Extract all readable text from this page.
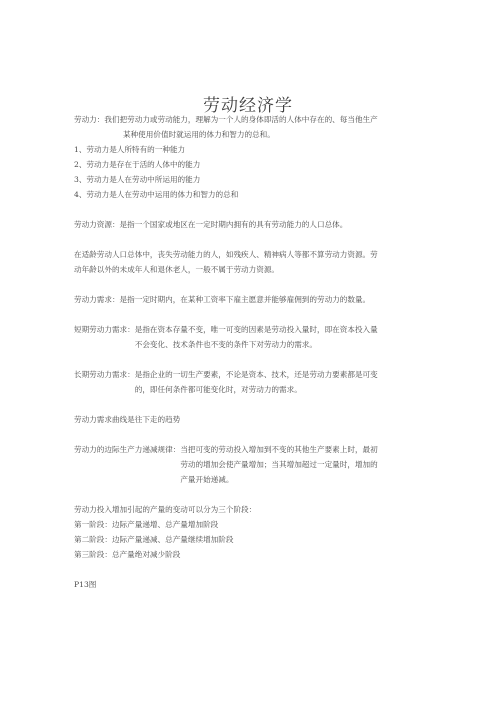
劳动经济学
劳动力：我们把劳动力或劳动能力，理解为一个人的身体即活的人体中存在的、每当他生产
某种使用价值时就运用的体力和智力的总和。
1、劳动力是人所特有的一种能力
2、劳动力是存在于活的人体中的能力
3、劳动力是人在劳动中所运用的能力
4、劳动力是人在劳动中运用的体力和智力的总和
劳动力资源：是指一个国家或地区在一定时期内拥有的具有劳动能力的人口总体。
在适龄劳动人口总体中，丧失劳动能力的人，如残疾人、精神病人等都不算劳动力资源。劳
动年龄以外的未成年人和退休老人，一般不属于劳动力资源。
劳动力需求：是指一定时期内，在某种工资率下雇主愿意并能够雇佣到的劳动力的数量。
短期劳动力需求： 是指在资本存量不变，唯一可变的因素是劳动投入量时，即在资本投入量
不会变化、技术条件也不变的条件下对劳动力的需求。
长期劳动力需求： 是指企业的一切生产要素，不论是资本、技术，还是劳动力要素都是可变
的，即任何条件都可能变化时，对劳动力的需求。
劳动力需求曲线是往下走的趋势
劳动力的边际生产力递减规律： 当把可变的劳动投入增加到不变的其他生产要素上时，最初
劳动的增加会使产量增加；当其增加超过一定量时，增加的
产量开始递减。
劳动力投入增加引起的产量的变动可以分为三个阶段：
第一阶段：边际产量递增、总产量增加阶段
第二阶段：边际产量递减、总产量继续增加阶段
第三阶段：总产量绝对减少阶段
P13图
